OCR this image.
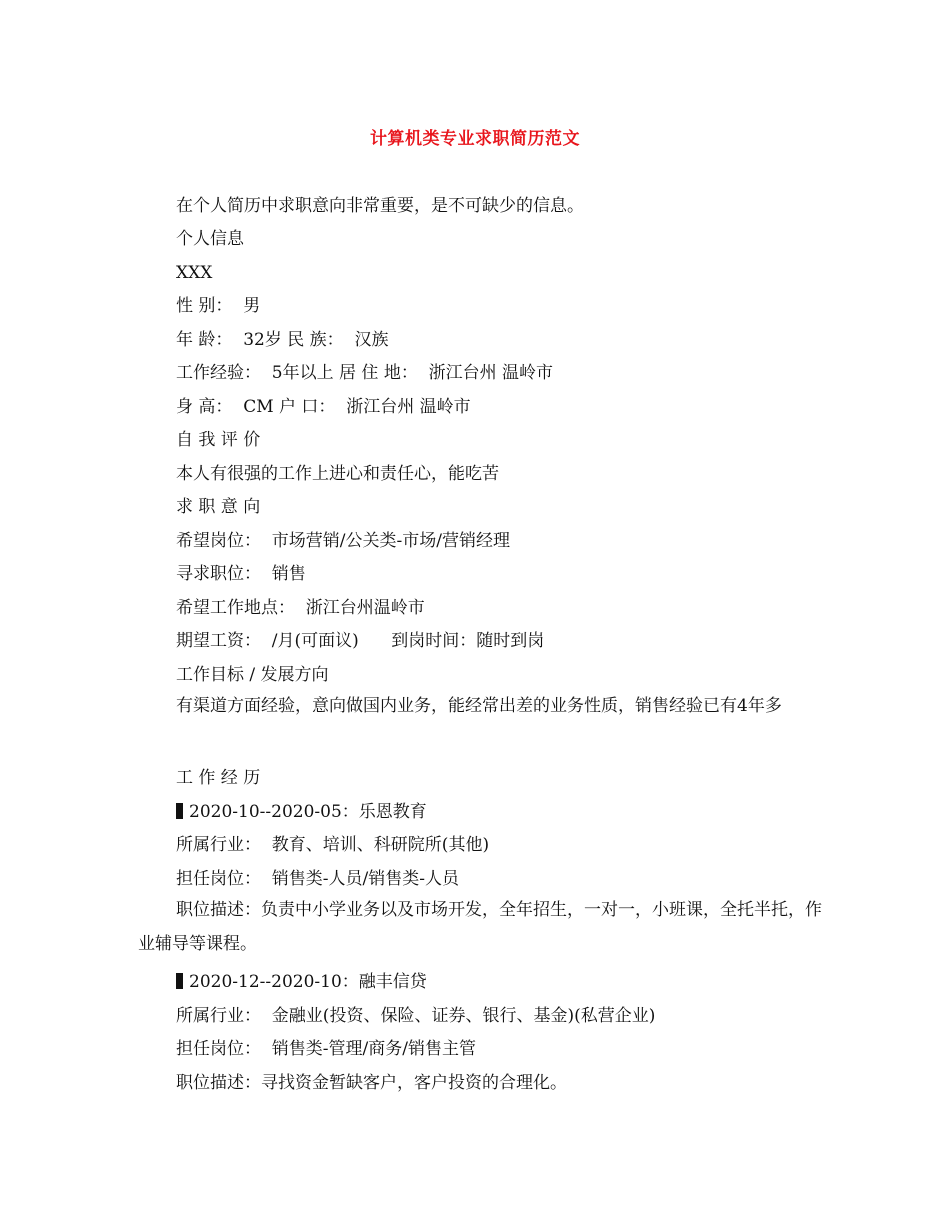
计算机类专业求职简历范文
在个人简历中求职意向非常重要，是不可缺少的信息。
个人信息
XXX
性 别：  男
年 龄：  32岁 民 族：  汉族
工作经验：  5年以上 居 住 地：  浙江台州 温岭市
身 高：  CM 户 口：  浙江台州 温岭市
自 我 评 价
本人有很强的工作上进心和责任心，能吃苦
求 职 意 向
希望岗位：  市场营销/公关类-市场/营销经理
寻求职位：  销售
希望工作地点：  浙江台州温岭市
期望工资：  /月(可面议)      到岗时间：随时到岗
工作目标 / 发展方向
有渠道方面经验，意向做国内业务，能经常出差的业务性质，销售经验已有4年多
工 作 经 历
2020-10--2020-05：乐恩教育
所属行业：  教育、培训、科研院所(其他)
担任岗位：  销售类-人员/销售类-人员
职位描述：负责中小学业务以及市场开发，全年招生，一对一，小班课，全托半托，作业辅导等课程。
2020-12--2020-10：融丰信贷
所属行业：  金融业(投资、保险、证券、银行、基金)(私营企业)
担任岗位：  销售类-管理/商务/销售主管
职位描述：寻找资金暂缺客户，客户投资的合理化。
